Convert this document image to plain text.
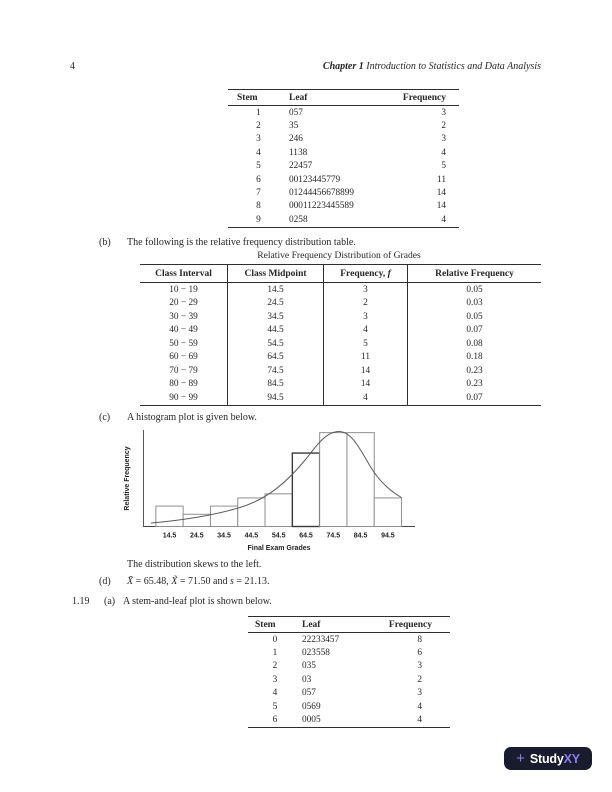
4	Chapter 1 Introduction to Statistics and Data Analysis
Stem	Leaf	Frequency
1	057	3
2	35	2
3	246	3
4	1138	4
5	22457	5
6	00123445779	11
7	01244456678899	14
8	00011223445589	14
9	0258	4
(b) The following is the relative frequency distribution table.
Relative Frequency Distribution of Grades
Class Interval	Class Midpoint	Frequency, f	Relative Frequency
10 − 19	14.5	3	0.05
20 − 29	24.5	2	0.03
30 − 39	34.5	3	0.05
40 − 49	44.5	4	0.07
50 − 59	54.5	5	0.08
60 − 69	64.5	11	0.18
70 − 79	74.5	14	0.23
80 − 89	84.5	14	0.23
90 − 99	94.5	4	0.07
(c) A histogram plot is given below.
Relative Frequency
Final Exam Grades
14.5 24.5 34.5 44.5 54.5 64.5 74.5 84.5 94.5
The distribution skews to the left.
(d) X̄ = 65.48, X̃ = 71.50 and s = 21.13.
1.19 (a) A stem-and-leaf plot is shown below.
Stem	Leaf	Frequency
0	22233457	8
1	023558	6
2	035	3
3	03	2
4	057	3
5	0569	4
6	0005	4
+ StudyXY
